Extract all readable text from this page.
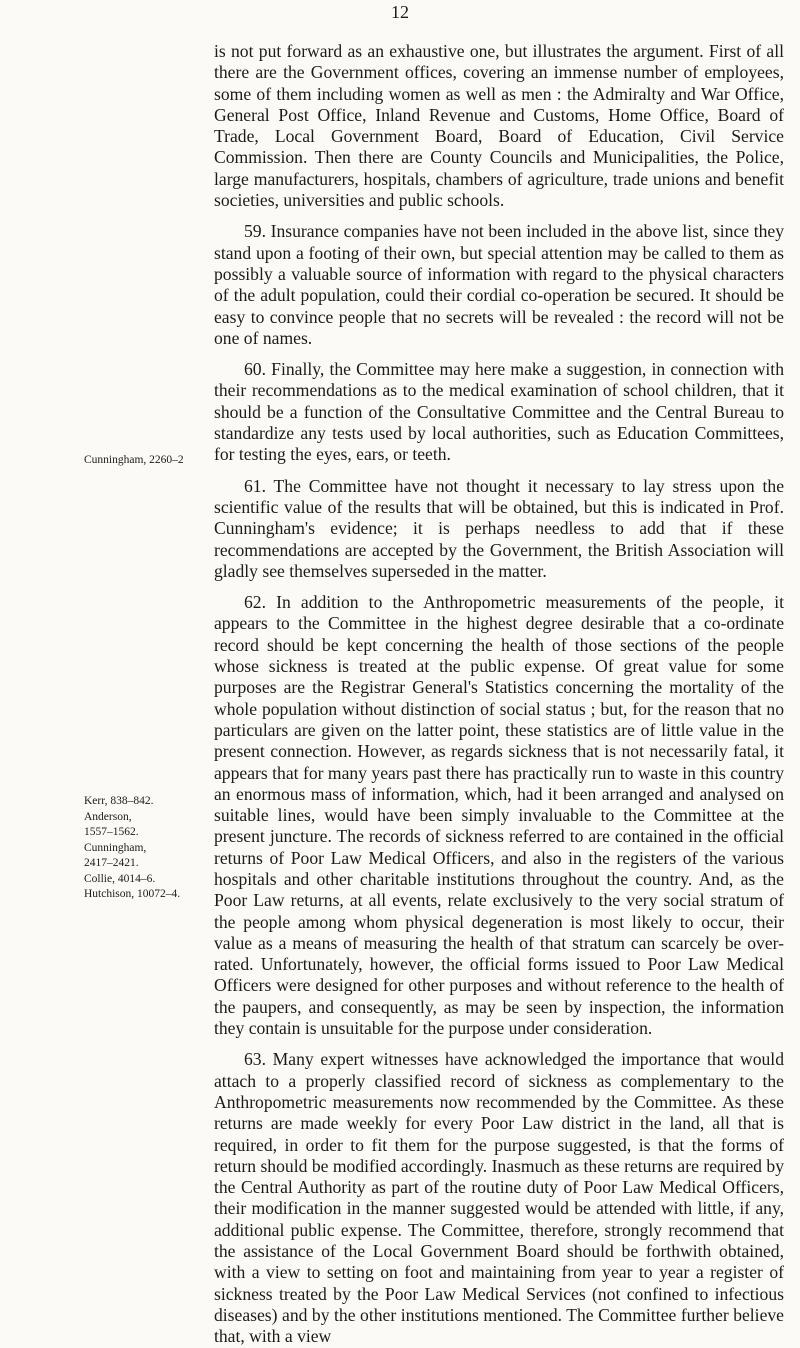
12

is not put forward as an exhaustive one, but illustrates the argument. First of all there are the Government offices, covering an immense number of employees, some of them including women as well as men : the Admiralty and War Office, General Post Office, Inland Revenue and Customs, Home Office, Board of Trade, Local Government Board, Board of Education, Civil Service Commission. Then there are County Councils and Municipalities, the Police, large manufacturers, hospitals, chambers of agriculture, trade unions and benefit societies, universities and public schools.

59. Insurance companies have not been included in the above list, since they stand upon a footing of their own, but special attention may be called to them as possibly a valuable source of information with regard to the physical characters of the adult population, could their cordial co-operation be secured. It should be easy to convince people that no secrets will be revealed : the record will not be one of names.

60. Finally, the Committee may here make a suggestion, in connection with their recommendations as to the medical examination of school children, that it should be a function of the Consultative Committee and the Central Bureau to standardize any tests used by local authorities, such as Education Committees, for testing the eyes, ears, or teeth.

61. The Committee have not thought it necessary to lay stress upon the scientific value of the results that will be obtained, but this is indicated in Prof. Cunningham's evidence; it is perhaps needless to add that if these recommendations are accepted by the Government, the British Association will gladly see themselves superseded in the matter.

62. In addition to the Anthropometric measurements of the people, it appears to the Committee in the highest degree desirable that a co-ordinate record should be kept concerning the health of those sections of the people whose sickness is treated at the public expense. Of great value for some purposes are the Registrar General's Statistics concerning the mortality of the whole population without distinction of social status ; but, for the reason that no particulars are given on the latter point, these statistics are of little value in the present connection. However, as regards sickness that is not necessarily fatal, it appears that for many years past there has practically run to waste in this country an enormous mass of information, which, had it been arranged and analysed on suitable lines, would have been simply invaluable to the Committee at the present juncture. The records of sickness referred to are contained in the official returns of Poor Law Medical Officers, and also in the registers of the various hospitals and other charitable institutions throughout the country. And, as the Poor Law returns, at all events, relate exclusively to the very social stratum of the people among whom physical degeneration is most likely to occur, their value as a means of measuring the health of that stratum can scarcely be over-rated. Unfortunately, however, the official forms issued to Poor Law Medical Officers were designed for other purposes and without reference to the health of the paupers, and consequently, as may be seen by inspection, the information they contain is unsuitable for the purpose under consideration.

63. Many expert witnesses have acknowledged the importance that would attach to a properly classified record of sickness as complementary to the Anthropometric measurements now recommended by the Committee. As these returns are made weekly for every Poor Law district in the land, all that is required, in order to fit them for the purpose suggested, is that the forms of return should be modified accordingly. Inasmuch as these returns are required by the Central Authority as part of the routine duty of Poor Law Medical Officers, their modification in the manner suggested would be attended with little, if any, additional public expense. The Committee, therefore, strongly recommend that the assistance of the Local Government Board should be forthwith obtained, with a view to setting on foot and maintaining from year to year a register of sickness treated by the Poor Law Medical Services (not confined to infectious diseases) and by the other institutions mentioned. The Committee further believe that, with a view

Cunningham, 2260–2
Kerr, 838–842.
Anderson,
1557–1562.
Cunningham,
2417–2421.
Collie, 4014–6.
Hutchison, 10072–4.
